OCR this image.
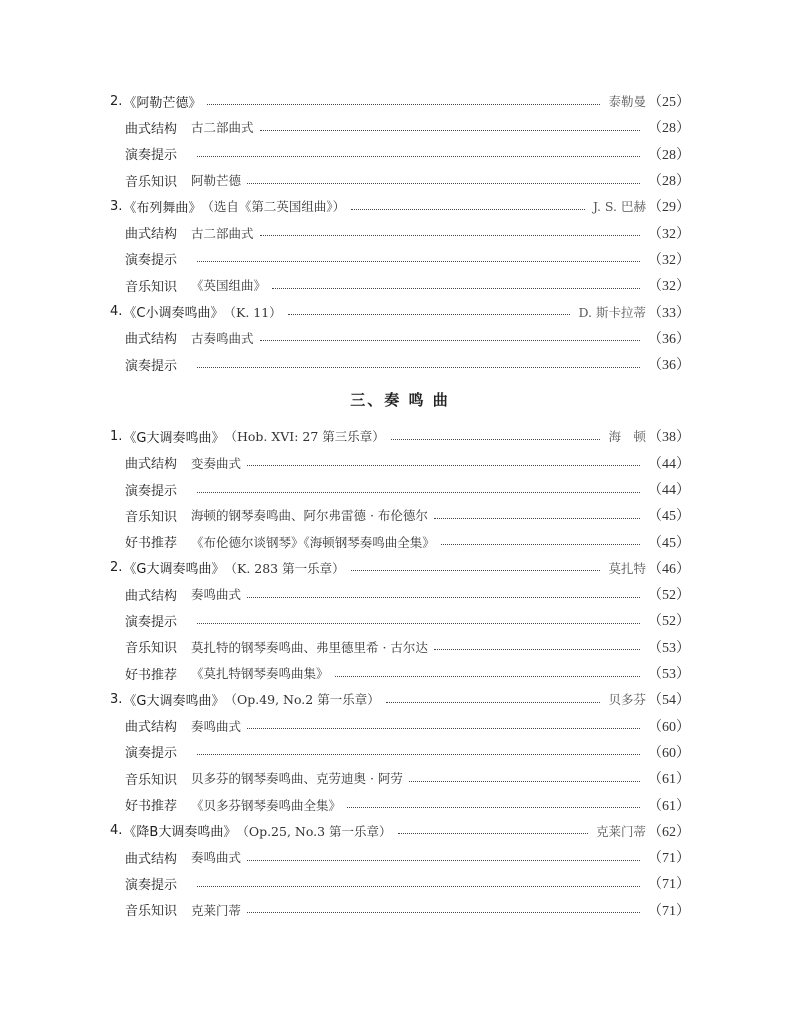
2. 《阿勒芒德》	泰勒曼 （25）
曲式结构 古二部曲式	（28）
演奏提示	（28）
音乐知识 阿勒芒德	（28）
3. 《布列舞曲》 （选自《第二英国组曲》）	J. S. 巴赫 （29）
曲式结构 古二部曲式	（32）
演奏提示	（32）
音乐知识 《英国组曲》	（32）
4. 《C小调奏鸣曲》 （K. 11）	D. 斯卡拉蒂 （33）
曲式结构 古奏鸣曲式	（36）
演奏提示	（36）
三、奏 鸣 曲
1. 《G大调奏鸣曲》 （Hob. XVI: 27 第三乐章）	海　顿 （38）
曲式结构 变奏曲式	（44）
演奏提示	（44）
音乐知识 海顿的钢琴奏鸣曲、阿尔弗雷德 · 布伦德尔	（45）
好书推荐 《布伦德尔谈钢琴》《海顿钢琴奏鸣曲全集》	（45）
2. 《G大调奏鸣曲》 （K. 283 第一乐章）	莫扎特 （46）
曲式结构 奏鸣曲式	（52）
演奏提示	（52）
音乐知识 莫扎特的钢琴奏鸣曲、弗里德里希 · 古尔达	（53）
好书推荐 《莫扎特钢琴奏鸣曲集》	（53）
3. 《G大调奏鸣曲》 （Op.49, No.2 第一乐章）	贝多芬 （54）
曲式结构 奏鸣曲式	（60）
演奏提示	（60）
音乐知识 贝多芬的钢琴奏鸣曲、克劳迪奥 · 阿劳	（61）
好书推荐 《贝多芬钢琴奏鸣曲全集》	（61）
4. 《降B大调奏鸣曲》 （Op.25, No.3 第一乐章）	克莱门蒂 （62）
曲式结构 奏鸣曲式	（71）
演奏提示	（71）
音乐知识 克莱门蒂	（71）
